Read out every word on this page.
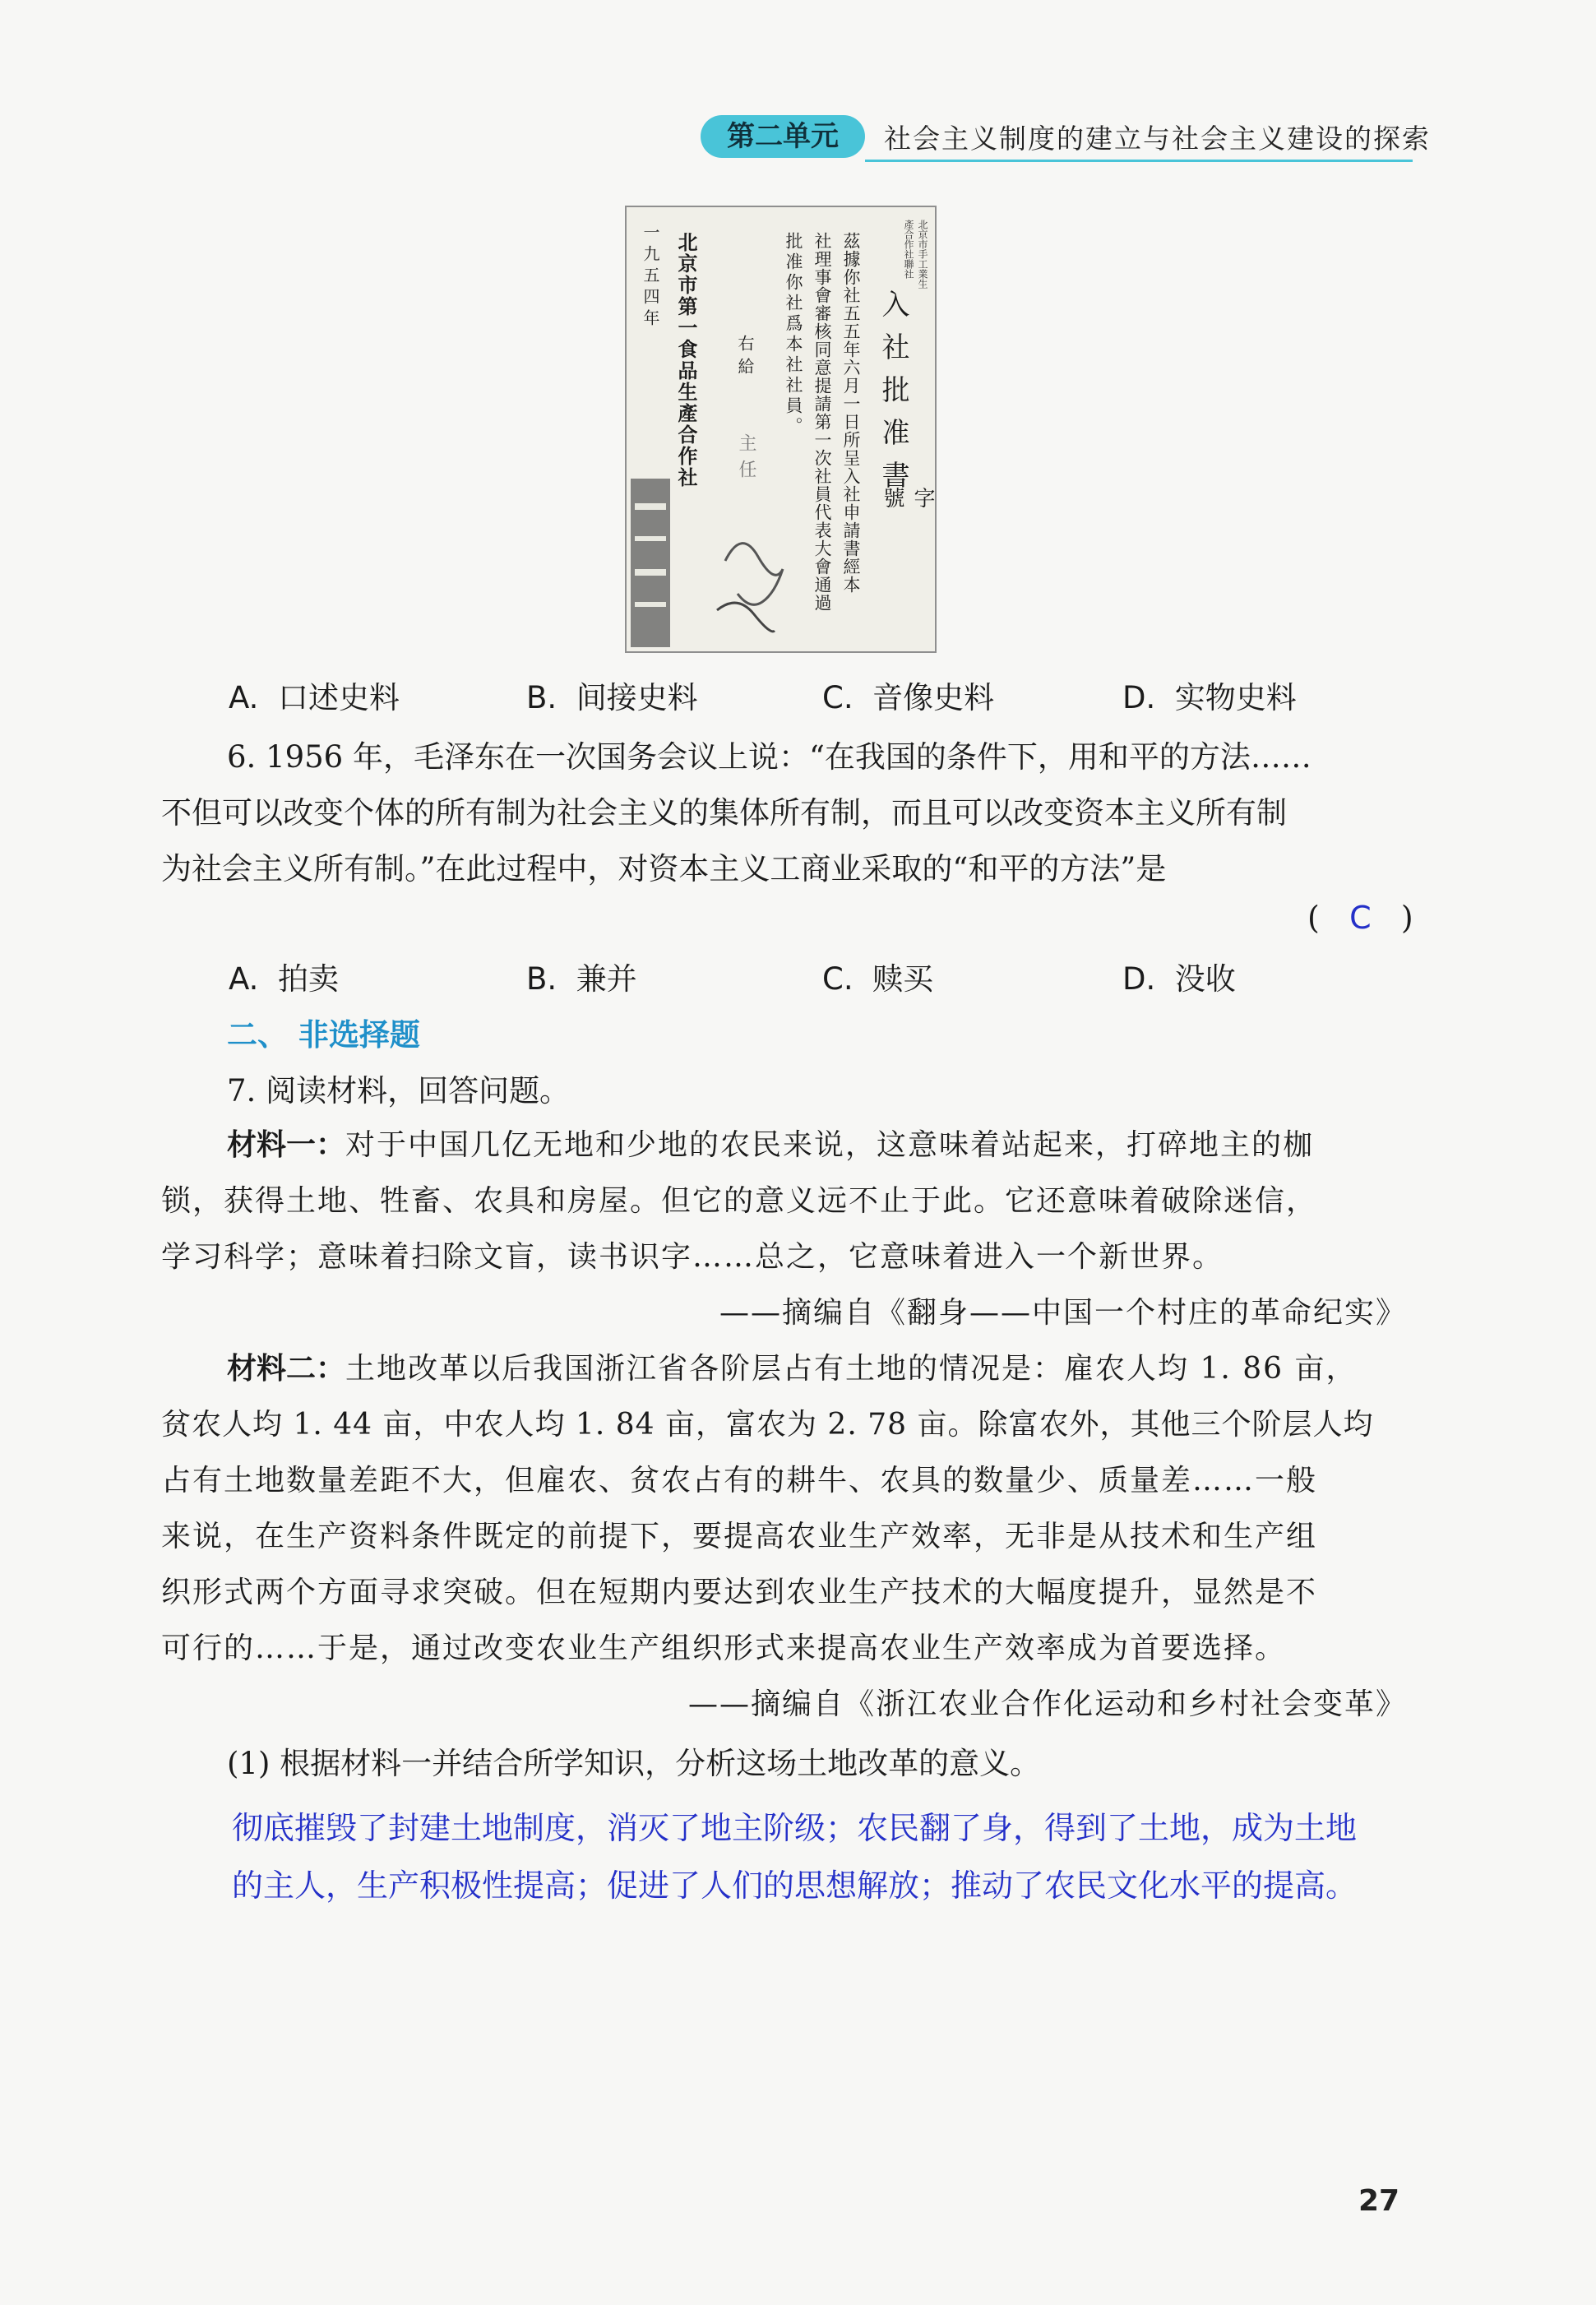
第二单元	社会主义制度的建立与社会主义建设的探索
北京市手工業生產合作社聯社
入社批准書
字 號
茲據你社五五年六月一日所呈入社申請書經本
社理事會審核同意提請第一次社員代表大會通過
批准你社爲本社社員。
右給
主任
北京市第一食品生產合作社
一九五四年
A. 口述史料	B. 间接史料	C. 音像史料	D. 实物史料
6. 1956 年，毛泽东在一次国务会议上说：“在我国的条件下，用和平的方法……
不但可以改变个体的所有制为社会主义的集体所有制，而且可以改变资本主义所有制
为社会主义所有制。”在此过程中，对资本主义工商业采取的“和平的方法”是
( C )
A. 拍卖	B. 兼并	C. 赎买	D. 没收
二、 非选择题
7. 阅读材料，回答问题。
材料一：对于中国几亿无地和少地的农民来说，这意味着站起来，打碎地主的枷
锁，获得土地、牲畜、农具和房屋。但它的意义远不止于此。它还意味着破除迷信，
学习科学；意味着扫除文盲，读书识字……总之，它意味着进入一个新世界。
——摘编自《翻身——中国一个村庄的革命纪实》
材料二：土地改革以后我国浙江省各阶层占有土地的情况是：雇农人均 1. 86 亩，
贫农人均 1. 44 亩，中农人均 1. 84 亩，富农为 2. 78 亩。除富农外，其他三个阶层人均
占有土地数量差距不大，但雇农、贫农占有的耕牛、农具的数量少、质量差……一般
来说，在生产资料条件既定的前提下，要提高农业生产效率，无非是从技术和生产组
织形式两个方面寻求突破。但在短期内要达到农业生产技术的大幅度提升，显然是不
可行的……于是，通过改变农业生产组织形式来提高农业生产效率成为首要选择。
——摘编自《浙江农业合作化运动和乡村社会变革》
(1) 根据材料一并结合所学知识，分析这场土地改革的意义。
彻底摧毁了封建土地制度，消灭了地主阶级；农民翻了身，得到了土地，成为土地
的主人，生产积极性提高；促进了人们的思想解放；推动了农民文化水平的提高。
27
